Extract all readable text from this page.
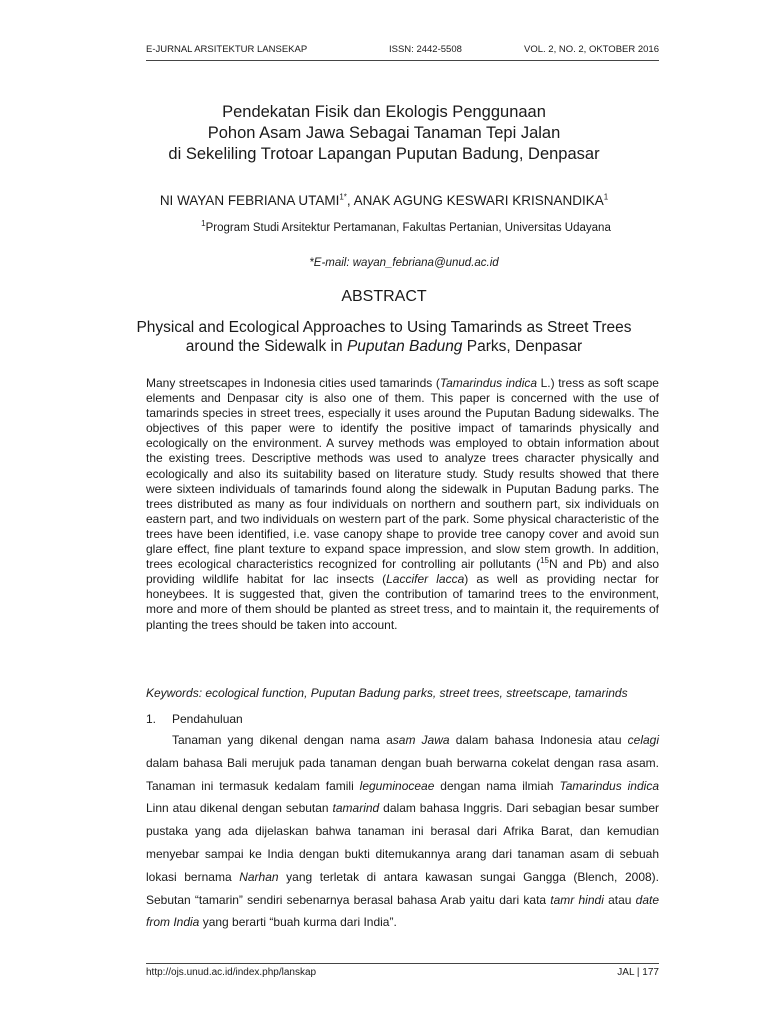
E-JURNAL ARSITEKTUR LANSEKAP	ISSN: 2442-5508	VOL. 2, NO. 2, OKTOBER 2016
Pendekatan Fisik dan Ekologis Penggunaan
Pohon Asam Jawa Sebagai Tanaman Tepi Jalan
di Sekeliling Trotoar Lapangan Puputan Badung, Denpasar
NI WAYAN FEBRIANA $UTAMI^{1*}$, ANAK AGUNG KESWARI KRISNANDIKA$^1$
$^1$Program Studi Arsitektur Pertamanan, Fakultas Pertanian, Universitas Udayana
*E-mail: wayan_febriana@unud.ac.id
ABSTRACT
Physical and Ecological Approaches to Using Tamarinds as Street Trees
around the Sidewalk in Puputan Badung Parks, Denpasar
Many streetscapes in Indonesia cities used tamarinds (Tamarindus indica L.) tress as soft scape elements and Denpasar city is also one of them. This paper is concerned with the use of tamarinds species in street trees, especially it uses around the Puputan Badung sidewalks. The objectives of this paper were to identify the positive impact of tamarinds physically and ecologically on the environment. A survey methods was employed to obtain information about the existing trees. Descriptive methods was used to analyze trees character physically and ecologically and also its suitability based on literature study. Study results showed that there were sixteen individuals of tamarinds found along the sidewalk in Puputan Badung parks. The trees distributed as many as four individuals on northern and southern part, six individuals on eastern part, and two individuals on western part of the park. Some physical characteristic of the trees have been identified, i.e. vase canopy shape to provide tree canopy cover and avoid sun glare effect, fine plant texture to expand space impression, and slow stem growth. In addition, trees ecological characteristics recognized for controlling air pollutants ($^{15}$N and Pb) and also providing wildlife habitat for lac insects (Laccifer lacca) as well as providing nectar for honeybees. It is suggested that, given the contribution of tamarind trees to the environment, more and more of them should be planted as street tress, and to maintain it, the requirements of planting the trees should be taken into account.
Keywords: ecological function, Puputan Badung parks, street trees, streetscape, tamarinds
1. Pendahuluan
Tanaman yang dikenal dengan nama asam Jawa dalam bahasa Indonesia atau celagi dalam bahasa Bali merujuk pada tanaman dengan buah berwarna cokelat dengan rasa asam. Tanaman ini termasuk kedalam famili leguminoceae dengan nama ilmiah Tamarindus indica Linn atau dikenal dengan sebutan tamarind dalam bahasa Inggris. Dari sebagian besar sumber pustaka yang ada dijelaskan bahwa tanaman ini berasal dari Afrika Barat, dan kemudian menyebar sampai ke India dengan bukti ditemukannya arang dari tanaman asam di sebuah lokasi bernama Narhan yang terletak di antara kawasan sungai Gangga (Blench, 2008). Sebutan “tamarin” sendiri sebenarnya berasal bahasa Arab yaitu dari kata tamr hindi atau date from India yang berarti “buah kurma dari India”.
http://ojs.unud.ac.id/index.php/lanskap	JAL | 177
